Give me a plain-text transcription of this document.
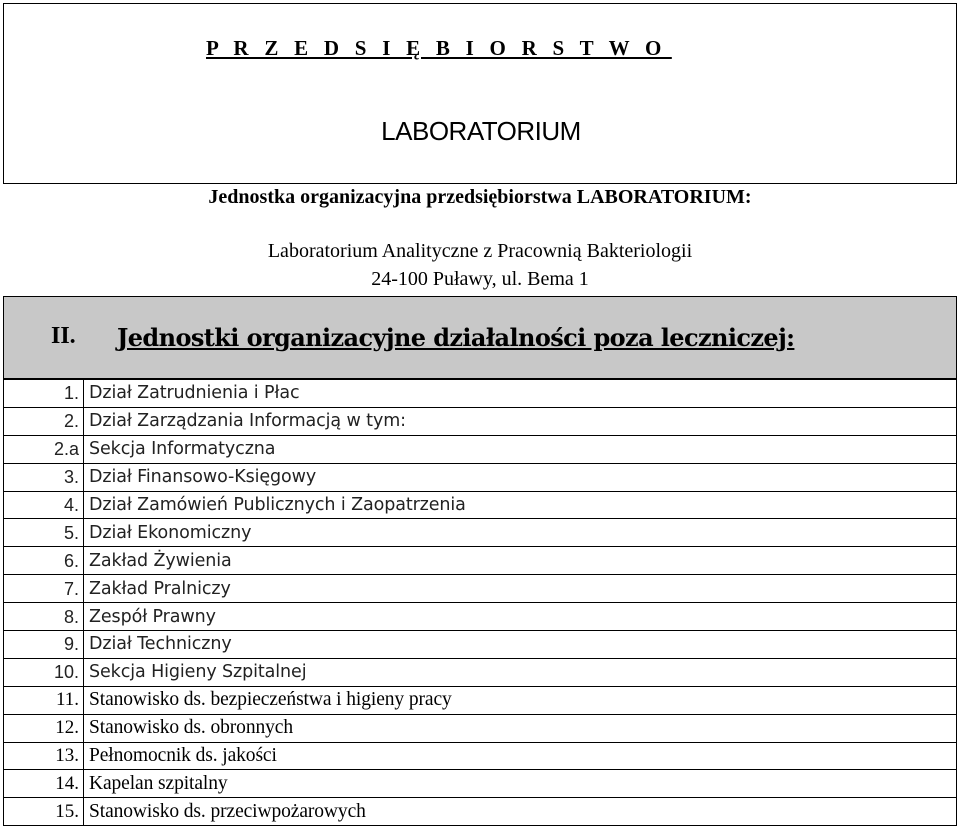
P   R   Z   E   D   S   I   Ę   B   I   O   R   S   T   W   O
LABORATORIUM
Jednostka organizacyjna przedsiębiorstwa LABORATORIUM:
Laboratorium Analityczne z Pracownią Bakteriologii
24-100 Puławy, ul. Bema 1
II. Jednostki organizacyjne działalności poza leczniczej:
1.	Dział Zatrudnienia i Płac
2.	Dział Zarządzania Informacją w tym:
2.a	Sekcja Informatyczna
3.	Dział Finansowo-Księgowy
4.	Dział Zamówień Publicznych i Zaopatrzenia
5.	Dział Ekonomiczny
6.	Zakład Żywienia
7.	Zakład Pralniczy
8.	Zespół Prawny
9.	Dział Techniczny
10.	Sekcja Higieny Szpitalnej
11.	Stanowisko ds. bezpieczeństwa i higieny pracy
12.	Stanowisko ds. obronnych
13.	Pełnomocnik ds. jakości
14.	Kapelan szpitalny
15.	Stanowisko ds. przeciwpożarowych
